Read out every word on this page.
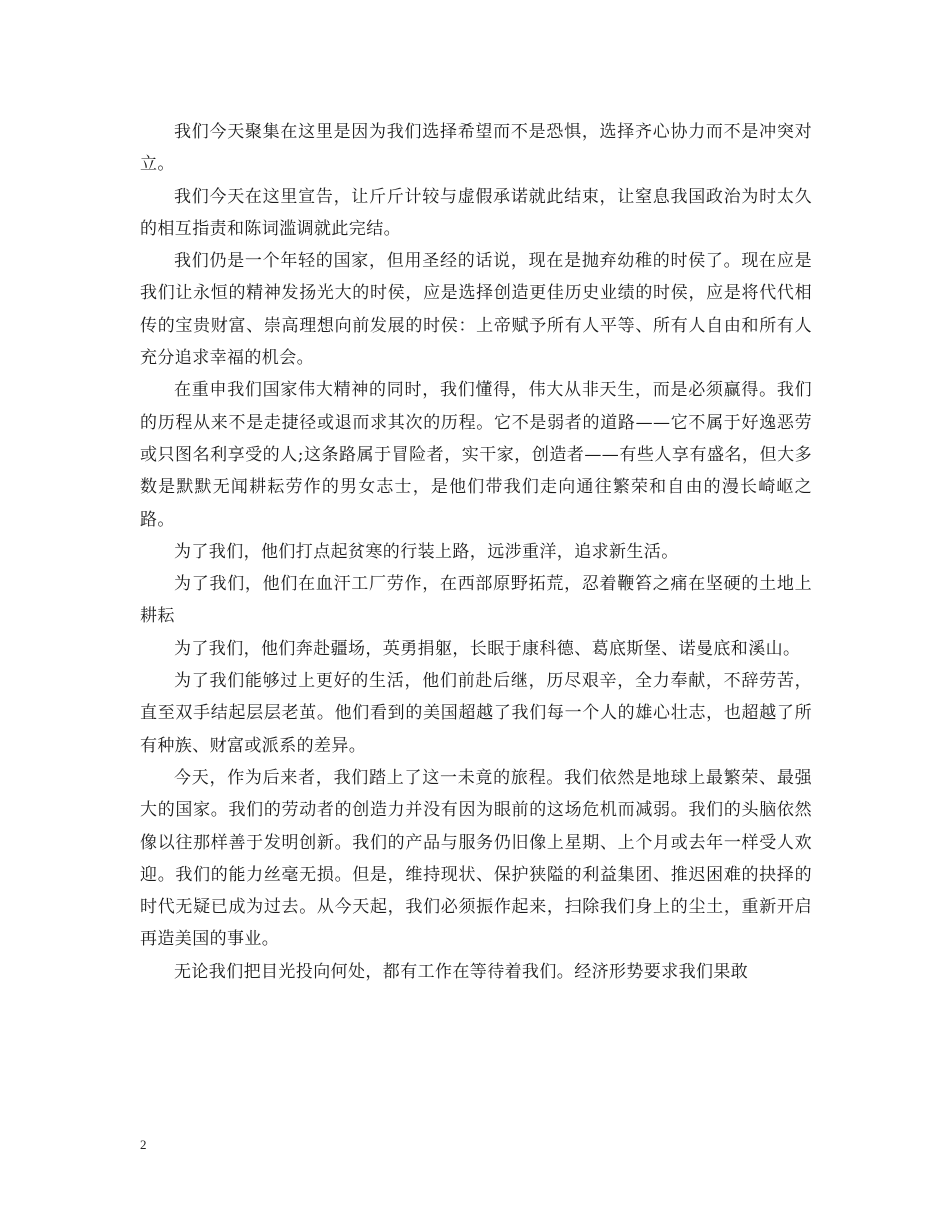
我们今天聚集在这里是因为我们选择希望而不是恐惧，选择齐心协力而不是冲突对立。

我们今天在这里宣告，让斤斤计较与虚假承诺就此结束，让窒息我国政治为时太久的相互指责和陈词滥调就此完结。

我们仍是一个年轻的国家，但用圣经的话说，现在是抛弃幼稚的时侯了。现在应是我们让永恒的精神发扬光大的时侯，应是选择创造更佳历史业绩的时侯，应是将代代相传的宝贵财富、崇高理想向前发展的时侯：上帝赋予所有人平等、所有人自由和所有人充分追求幸福的机会。

在重申我们国家伟大精神的同时，我们懂得，伟大从非天生，而是必须赢得。我们的历程从来不是走捷径或退而求其次的历程。它不是弱者的道路——它不属于好逸恶劳或只图名利享受的人;这条路属于冒险者，实干家，创造者——有些人享有盛名，但大多数是默默无闻耕耘劳作的男女志士，是他们带我们走向通往繁荣和自由的漫长崎岖之路。

为了我们，他们打点起贫寒的行装上路，远涉重洋，追求新生活。

为了我们，他们在血汗工厂劳作，在西部原野拓荒，忍着鞭笞之痛在坚硬的土地上耕耘

为了我们，他们奔赴疆场，英勇捐躯，长眠于康科德、葛底斯堡、诺曼底和溪山。

为了我们能够过上更好的生活，他们前赴后继，历尽艰辛，全力奉献，不辞劳苦，直至双手结起层层老茧。他们看到的美国超越了我们每一个人的雄心壮志，也超越了所有种族、财富或派系的差异。

今天，作为后来者，我们踏上了这一未竟的旅程。我们依然是地球上最繁荣、最强大的国家。我们的劳动者的创造力并没有因为眼前的这场危机而减弱。我们的头脑依然像以往那样善于发明创新。我们的产品与服务仍旧像上星期、上个月或去年一样受人欢迎。我们的能力丝毫无损。但是，维持现状、保护狭隘的利益集团、推迟困难的抉择的时代无疑已成为过去。从今天起，我们必须振作起来，扫除我们身上的尘土，重新开启再造美国的事业。

无论我们把目光投向何处，都有工作在等待着我们。经济形势要求我们果敢

2
